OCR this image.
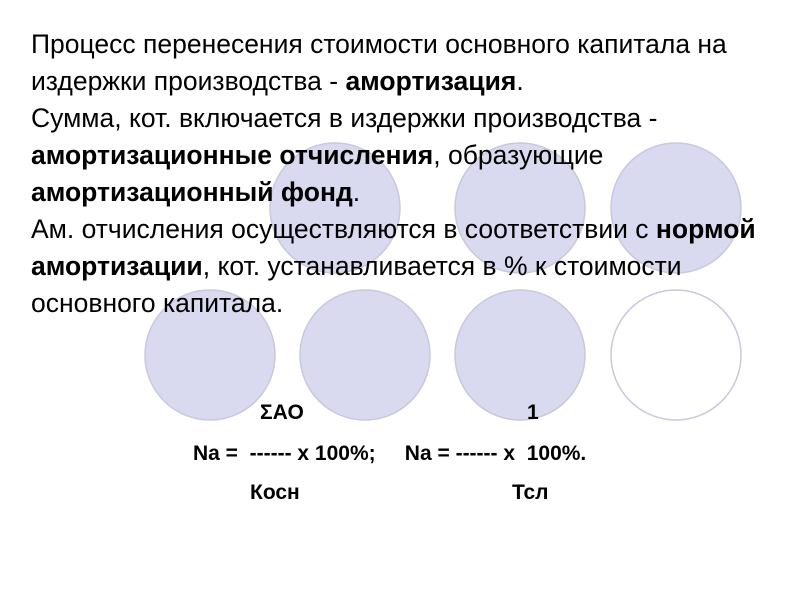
Процесс перенесения стоимости основного капитала на издержки производства - амортизация.

Сумма, кот. включается в издержки производства - амортизационные отчисления, образующие амортизационный фонд.

Ам. отчисления осуществляются в соответствии с нормой амортизации, кот. устанавливается в % к стоимости основного капитала.

ΣАО	1
Na =  ------ x 100%;     Na = ------ x  100%.
Косн	Тсл
